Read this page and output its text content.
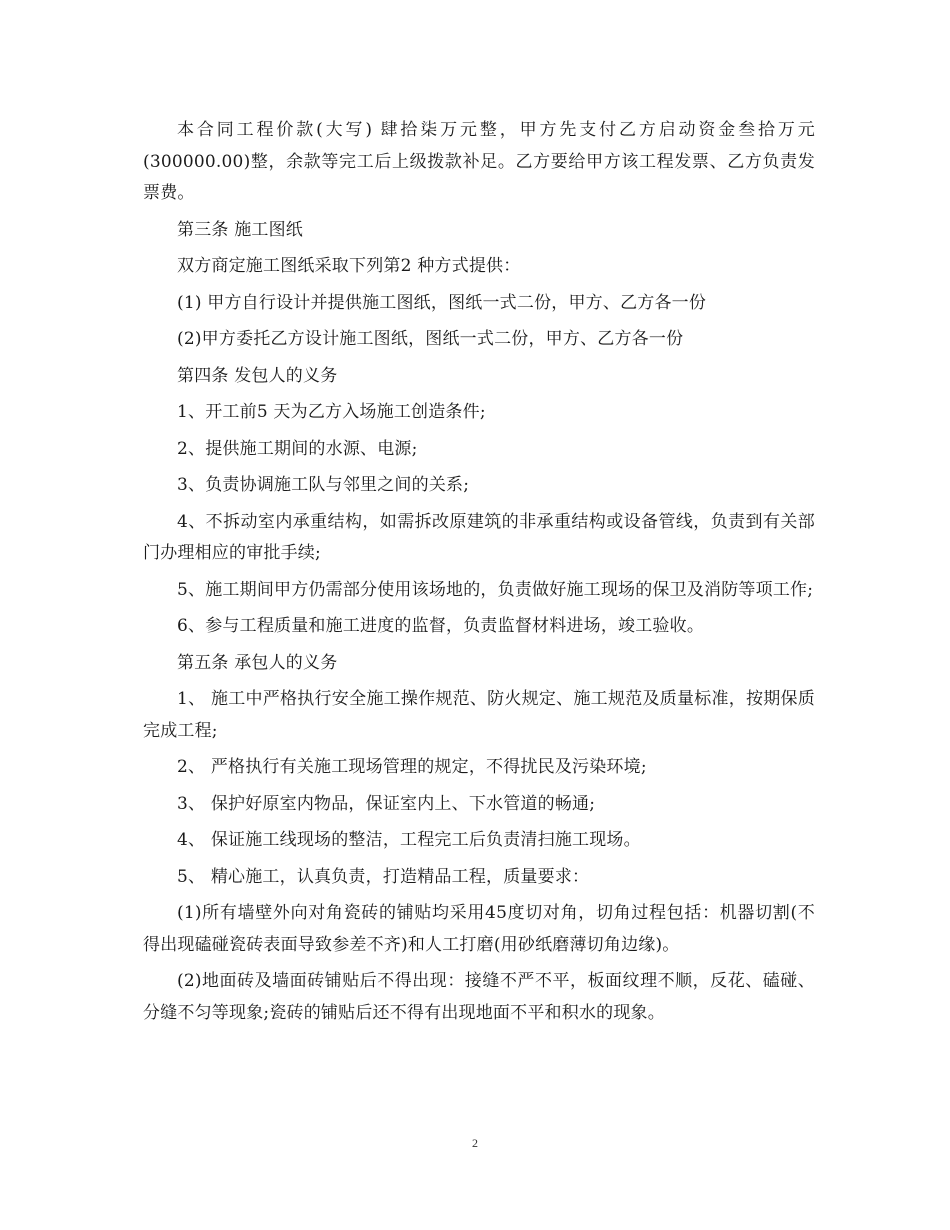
本合同工程价款(大写) 肆拾柒万元整，甲方先支付乙方启动资金叁拾万元(300000.00)整，余款等完工后上级拨款补足。乙方要给甲方该工程发票、乙方负责发票费。

第三条 施工图纸

双方商定施工图纸采取下列第2 种方式提供：

(1) 甲方自行设计并提供施工图纸，图纸一式二份，甲方、乙方各一份

(2)甲方委托乙方设计施工图纸，图纸一式二份，甲方、乙方各一份

第四条 发包人的义务

1、开工前5 天为乙方入场施工创造条件;

2、提供施工期间的水源、电源;

3、负责协调施工队与邻里之间的关系;

4、不拆动室内承重结构，如需拆改原建筑的非承重结构或设备管线，负责到有关部门办理相应的审批手续;

5、施工期间甲方仍需部分使用该场地的，负责做好施工现场的保卫及消防等项工作;

6、参与工程质量和施工进度的监督，负责监督材料进场，竣工验收。

第五条 承包人的义务

1、 施工中严格执行安全施工操作规范、防火规定、施工规范及质量标准，按期保质完成工程;

2、 严格执行有关施工现场管理的规定，不得扰民及污染环境;

3、 保护好原室内物品，保证室内上、下水管道的畅通;

4、 保证施工线现场的整洁，工程完工后负责清扫施工现场。

5、 精心施工，认真负责，打造精品工程，质量要求：

(1)所有墙壁外向对角瓷砖的铺贴均采用45度切对角，切角过程包括：机器切割(不得出现磕碰瓷砖表面导致参差不齐)和人工打磨(用砂纸磨薄切角边缘)。

(2)地面砖及墙面砖铺贴后不得出现：接缝不严不平，板面纹理不顺，反花、磕碰、分缝不匀等现象;瓷砖的铺贴后还不得有出现地面不平和积水的现象。

2
